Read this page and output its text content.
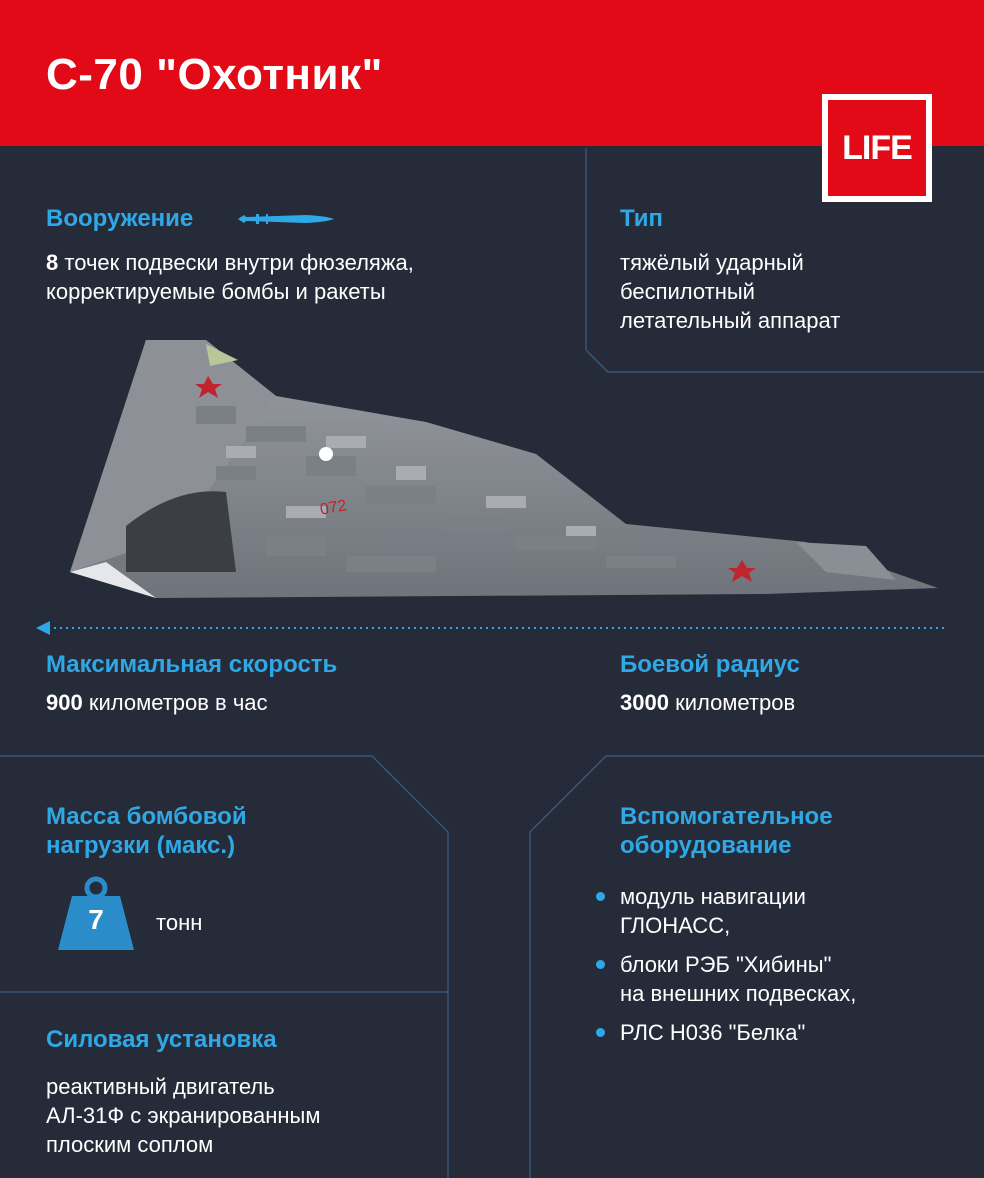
С-70 "Охотник"
LIFE
Вооружение

8 точек подвески внутри фюзеляжа,

корректируемые бомбы и ракеты

Тип

тяжёлый ударный

беспилотный

летательный аппарат

072
Максимальная скорость

900 километров в час

Боевой радиус

3000 километров

Масса бомбовой
нагрузки (макс.)
7	тонн
Вспомогательное
оборудование
модуль навигации
ГЛОНАСС,
блоки РЭБ "Хибины"
на внешних подвесках,
РЛС Н036 "Белка"
Силовая установка

реактивный двигатель

АЛ-31Ф с экранированным

плоским соплом
